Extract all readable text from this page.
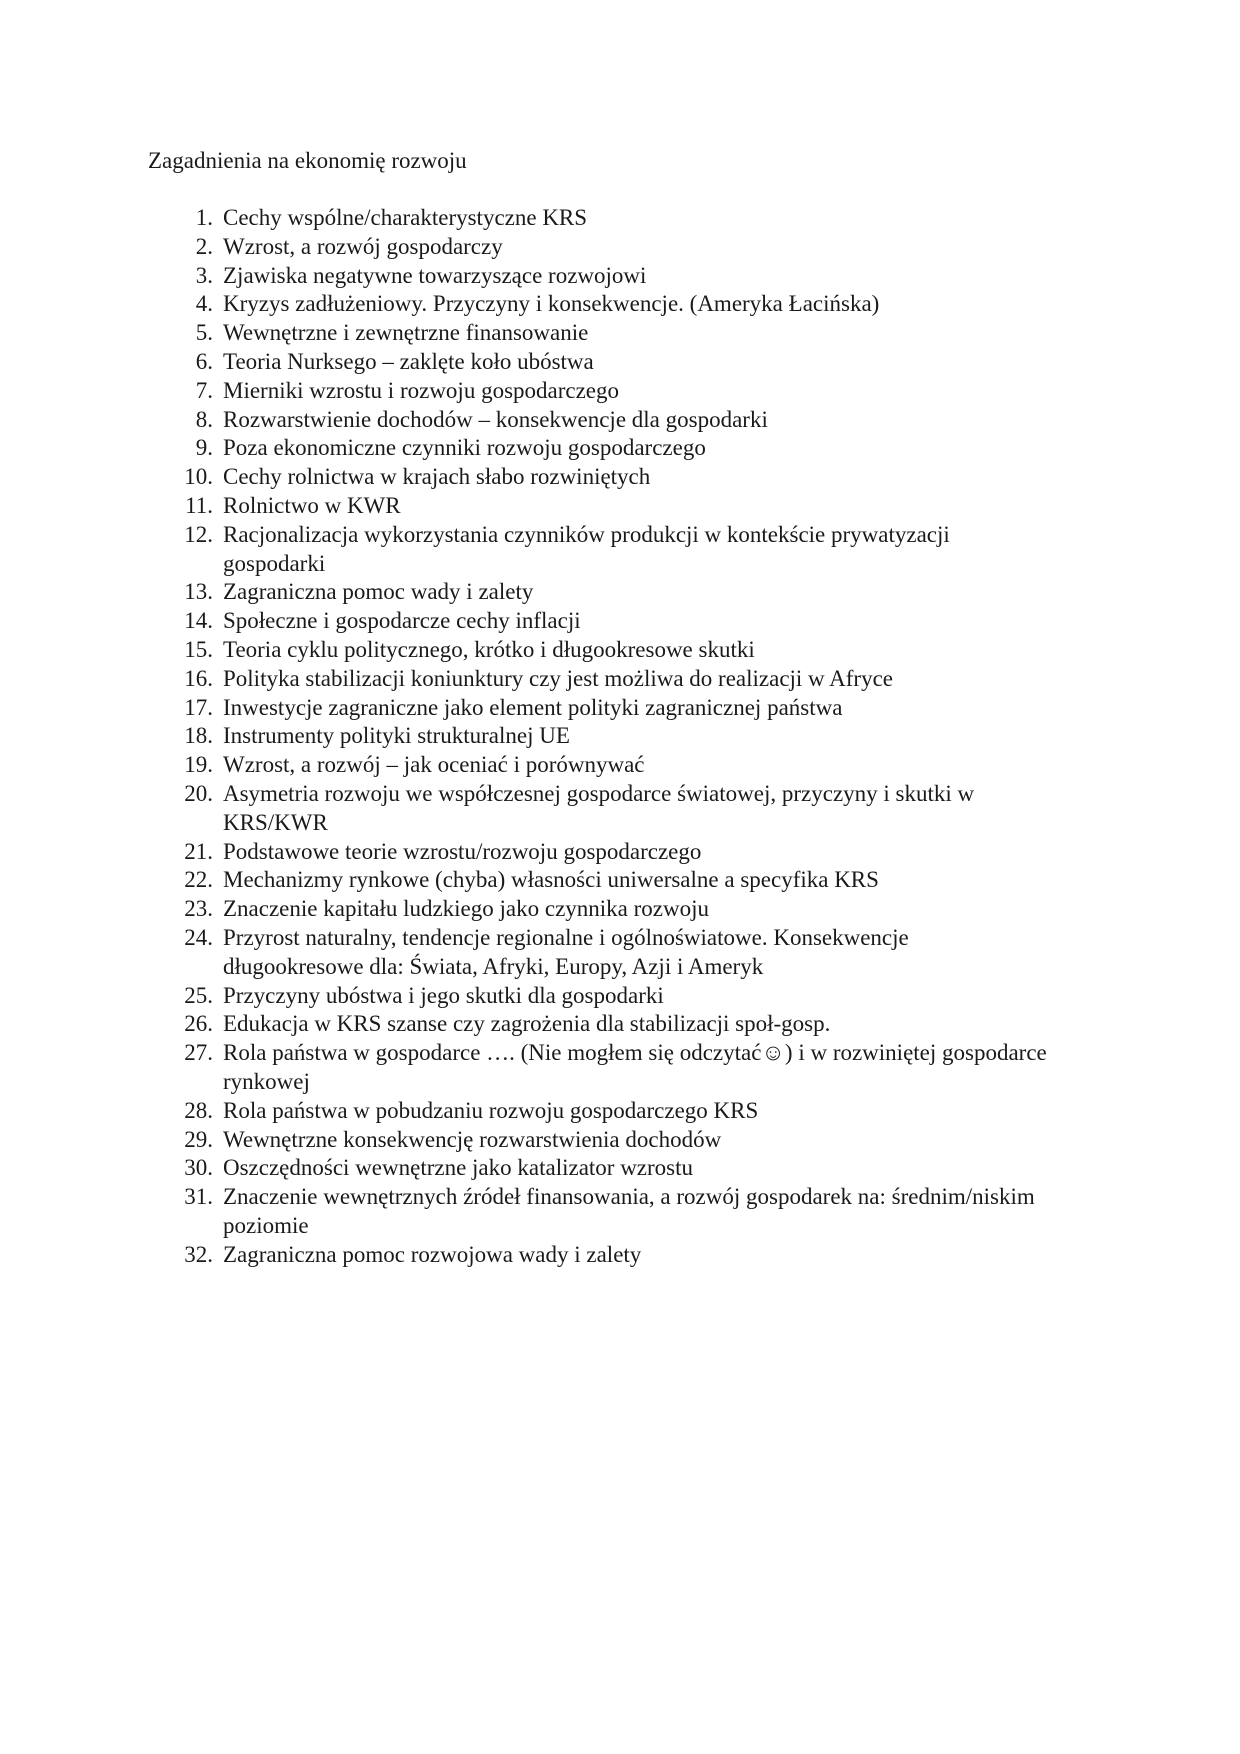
Zagadnienia na ekonomię rozwoju
1. Cechy wspólne/charakterystyczne KRS
2. Wzrost, a rozwój gospodarczy
3. Zjawiska negatywne towarzyszące rozwojowi
4. Kryzys zadłużeniowy. Przyczyny i konsekwencje. (Ameryka Łacińska)
5. Wewnętrzne i zewnętrzne finansowanie
6. Teoria Nurksego – zaklęte koło ubóstwa
7. Mierniki wzrostu i rozwoju gospodarczego
8. Rozwarstwienie dochodów – konsekwencje dla gospodarki
9. Poza ekonomiczne czynniki rozwoju gospodarczego
10. Cechy rolnictwa w krajach słabo rozwiniętych
11. Rolnictwo w KWR
12. Racjonalizacja wykorzystania czynników produkcji w kontekście prywatyzacji gospodarki
13. Zagraniczna pomoc wady i zalety
14. Społeczne i gospodarcze cechy inflacji
15. Teoria cyklu politycznego, krótko i długookresowe skutki
16. Polityka stabilizacji koniunktury czy jest możliwa do realizacji w Afryce
17. Inwestycje zagraniczne jako element polityki zagranicznej państwa
18. Instrumenty polityki strukturalnej UE
19. Wzrost, a rozwój – jak oceniać i porównywać
20. Asymetria rozwoju we współczesnej gospodarce światowej, przyczyny i skutki w KRS/KWR
21. Podstawowe teorie wzrostu/rozwoju gospodarczego
22. Mechanizmy rynkowe (chyba) własności uniwersalne a specyfika KRS
23. Znaczenie kapitału ludzkiego jako czynnika rozwoju
24. Przyrost naturalny, tendencje regionalne i ogólnoświatowe. Konsekwencje długookresowe dla: Świata, Afryki, Europy, Azji i Ameryk
25. Przyczyny ubóstwa i jego skutki dla gospodarki
26. Edukacja w KRS szanse czy zagrożenia dla stabilizacji społ-gosp.
27. Rola państwa w gospodarce …. (Nie mogłem się odczytać☺) i w rozwiniętej gospodarce rynkowej
28. Rola państwa w pobudzaniu rozwoju gospodarczego KRS
29. Wewnętrzne konsekwencję rozwarstwienia dochodów
30. Oszczędności wewnętrzne jako katalizator wzrostu
31. Znaczenie wewnętrznych źródeł finansowania, a rozwój gospodarek na: średnim/niskim poziomie
32. Zagraniczna pomoc rozwojowa wady i zalety
